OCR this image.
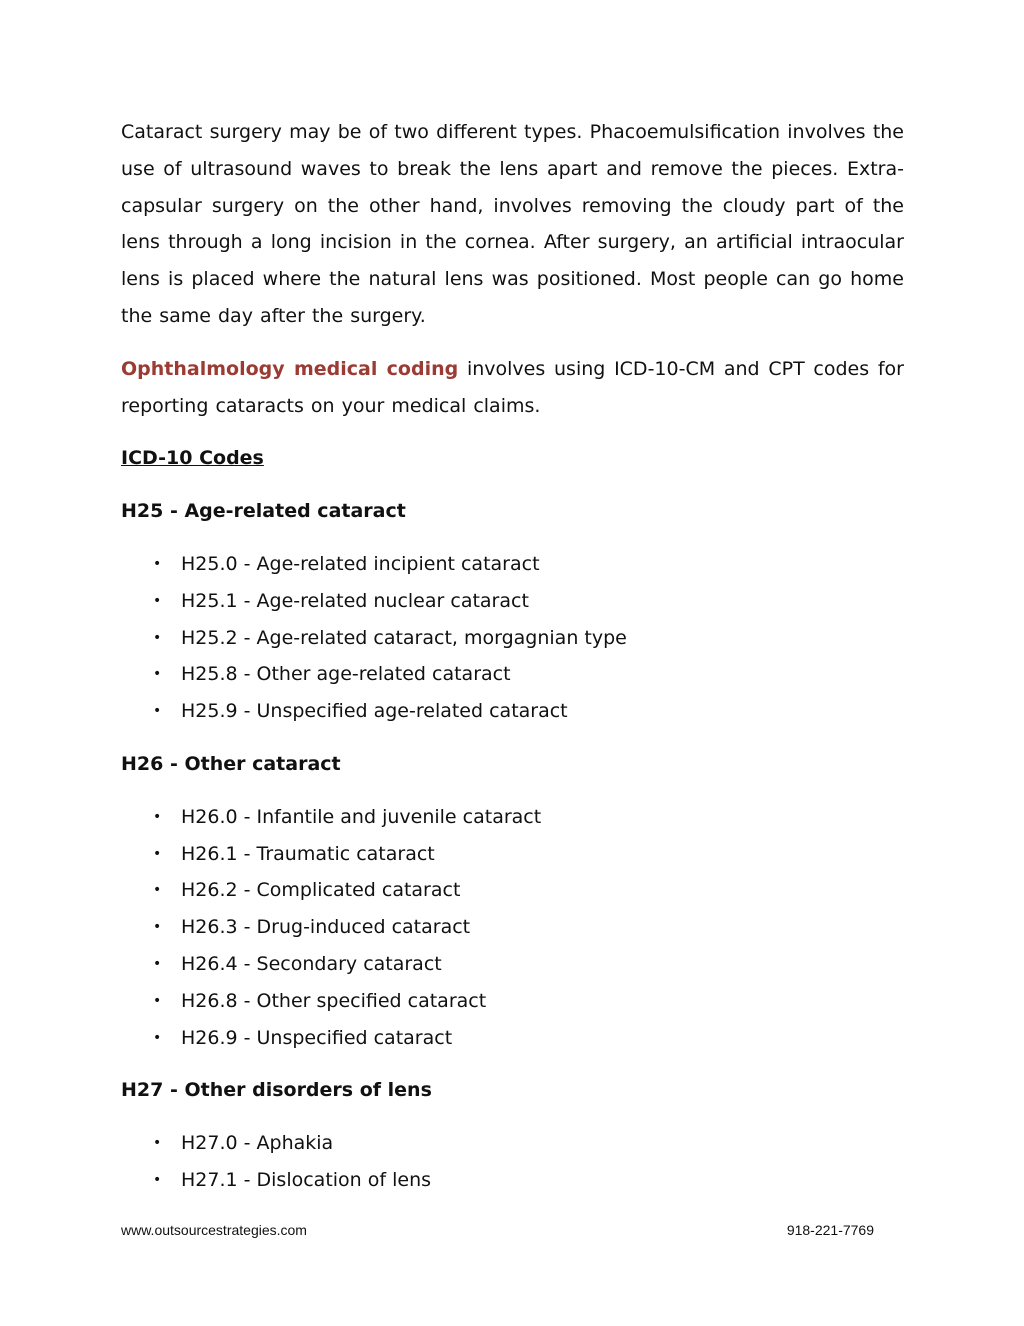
Cataract surgery may be of two different types. Phacoemulsification involves the use of ultrasound waves to break the lens apart and remove the pieces. Extra-capsular surgery on the other hand, involves removing the cloudy part of the lens through a long incision in the cornea. After surgery, an artificial intraocular lens is placed where the natural lens was positioned. Most people can go home the same day after the surgery.

Ophthalmology medical coding involves using ICD-10-CM and CPT codes for reporting cataracts on your medical claims.

ICD-10 Codes

H25 - Age-related cataract

• H25.0 - Age-related incipient cataract
• H25.1 - Age-related nuclear cataract
• H25.2 - Age-related cataract, morgagnian type
• H25.8 - Other age-related cataract
• H25.9 - Unspecified age-related cataract

H26 - Other cataract

• H26.0 - Infantile and juvenile cataract
• H26.1 - Traumatic cataract
• H26.2 - Complicated cataract
• H26.3 - Drug-induced cataract
• H26.4 - Secondary cataract
• H26.8 - Other specified cataract
• H26.9 - Unspecified cataract

H27 - Other disorders of lens

• H27.0 - Aphakia
• H27.1 - Dislocation of lens
www.outsourcestrategies.com	918-221-7769
